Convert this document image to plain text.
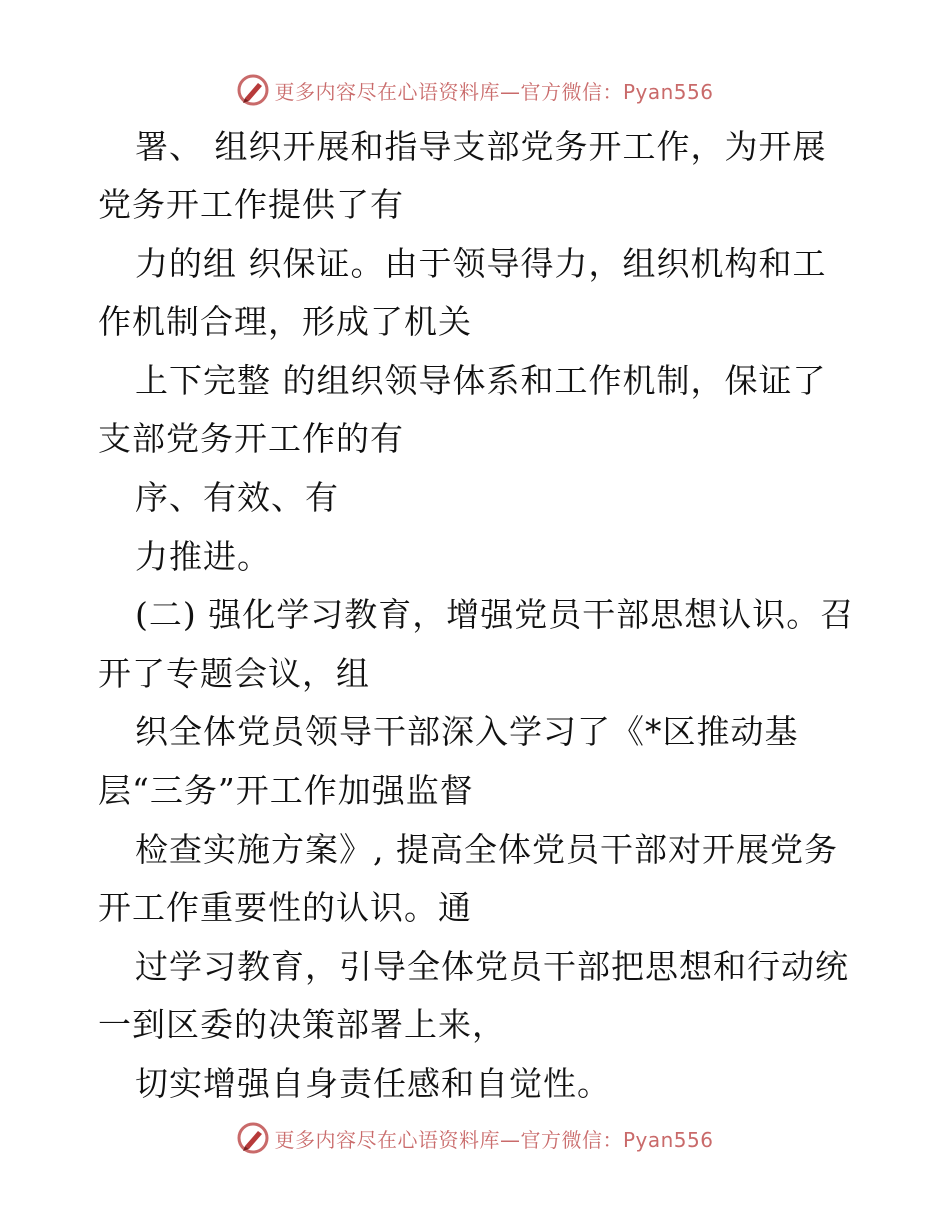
更多内容尽在心语资料库—官方微信：Pyan556
署、 组织开展和指导支部党务开工作，为开展
党务开工作提供了有
力的组 织保证。由于领导得力，组织机构和工
作机制合理，形成了机关
上下完整 的组织领导体系和工作机制，保证了
支部党务开工作的有
序、有效、有
力推进。
(二) 强化学习教育，增强党员干部思想认识。召
开了专题会议，组
织全体党员领导干部深入学习了《*区推动基
层“三务”开工作加强监督
检查实施方案》, 提高全体党员干部对开展党务
开工作重要性的认识。通
过学习教育，引导全体党员干部把思想和行动统
一到区委的决策部署上来，
切实增强自身责任感和自觉性。
更多内容尽在心语资料库—官方微信：Pyan556
